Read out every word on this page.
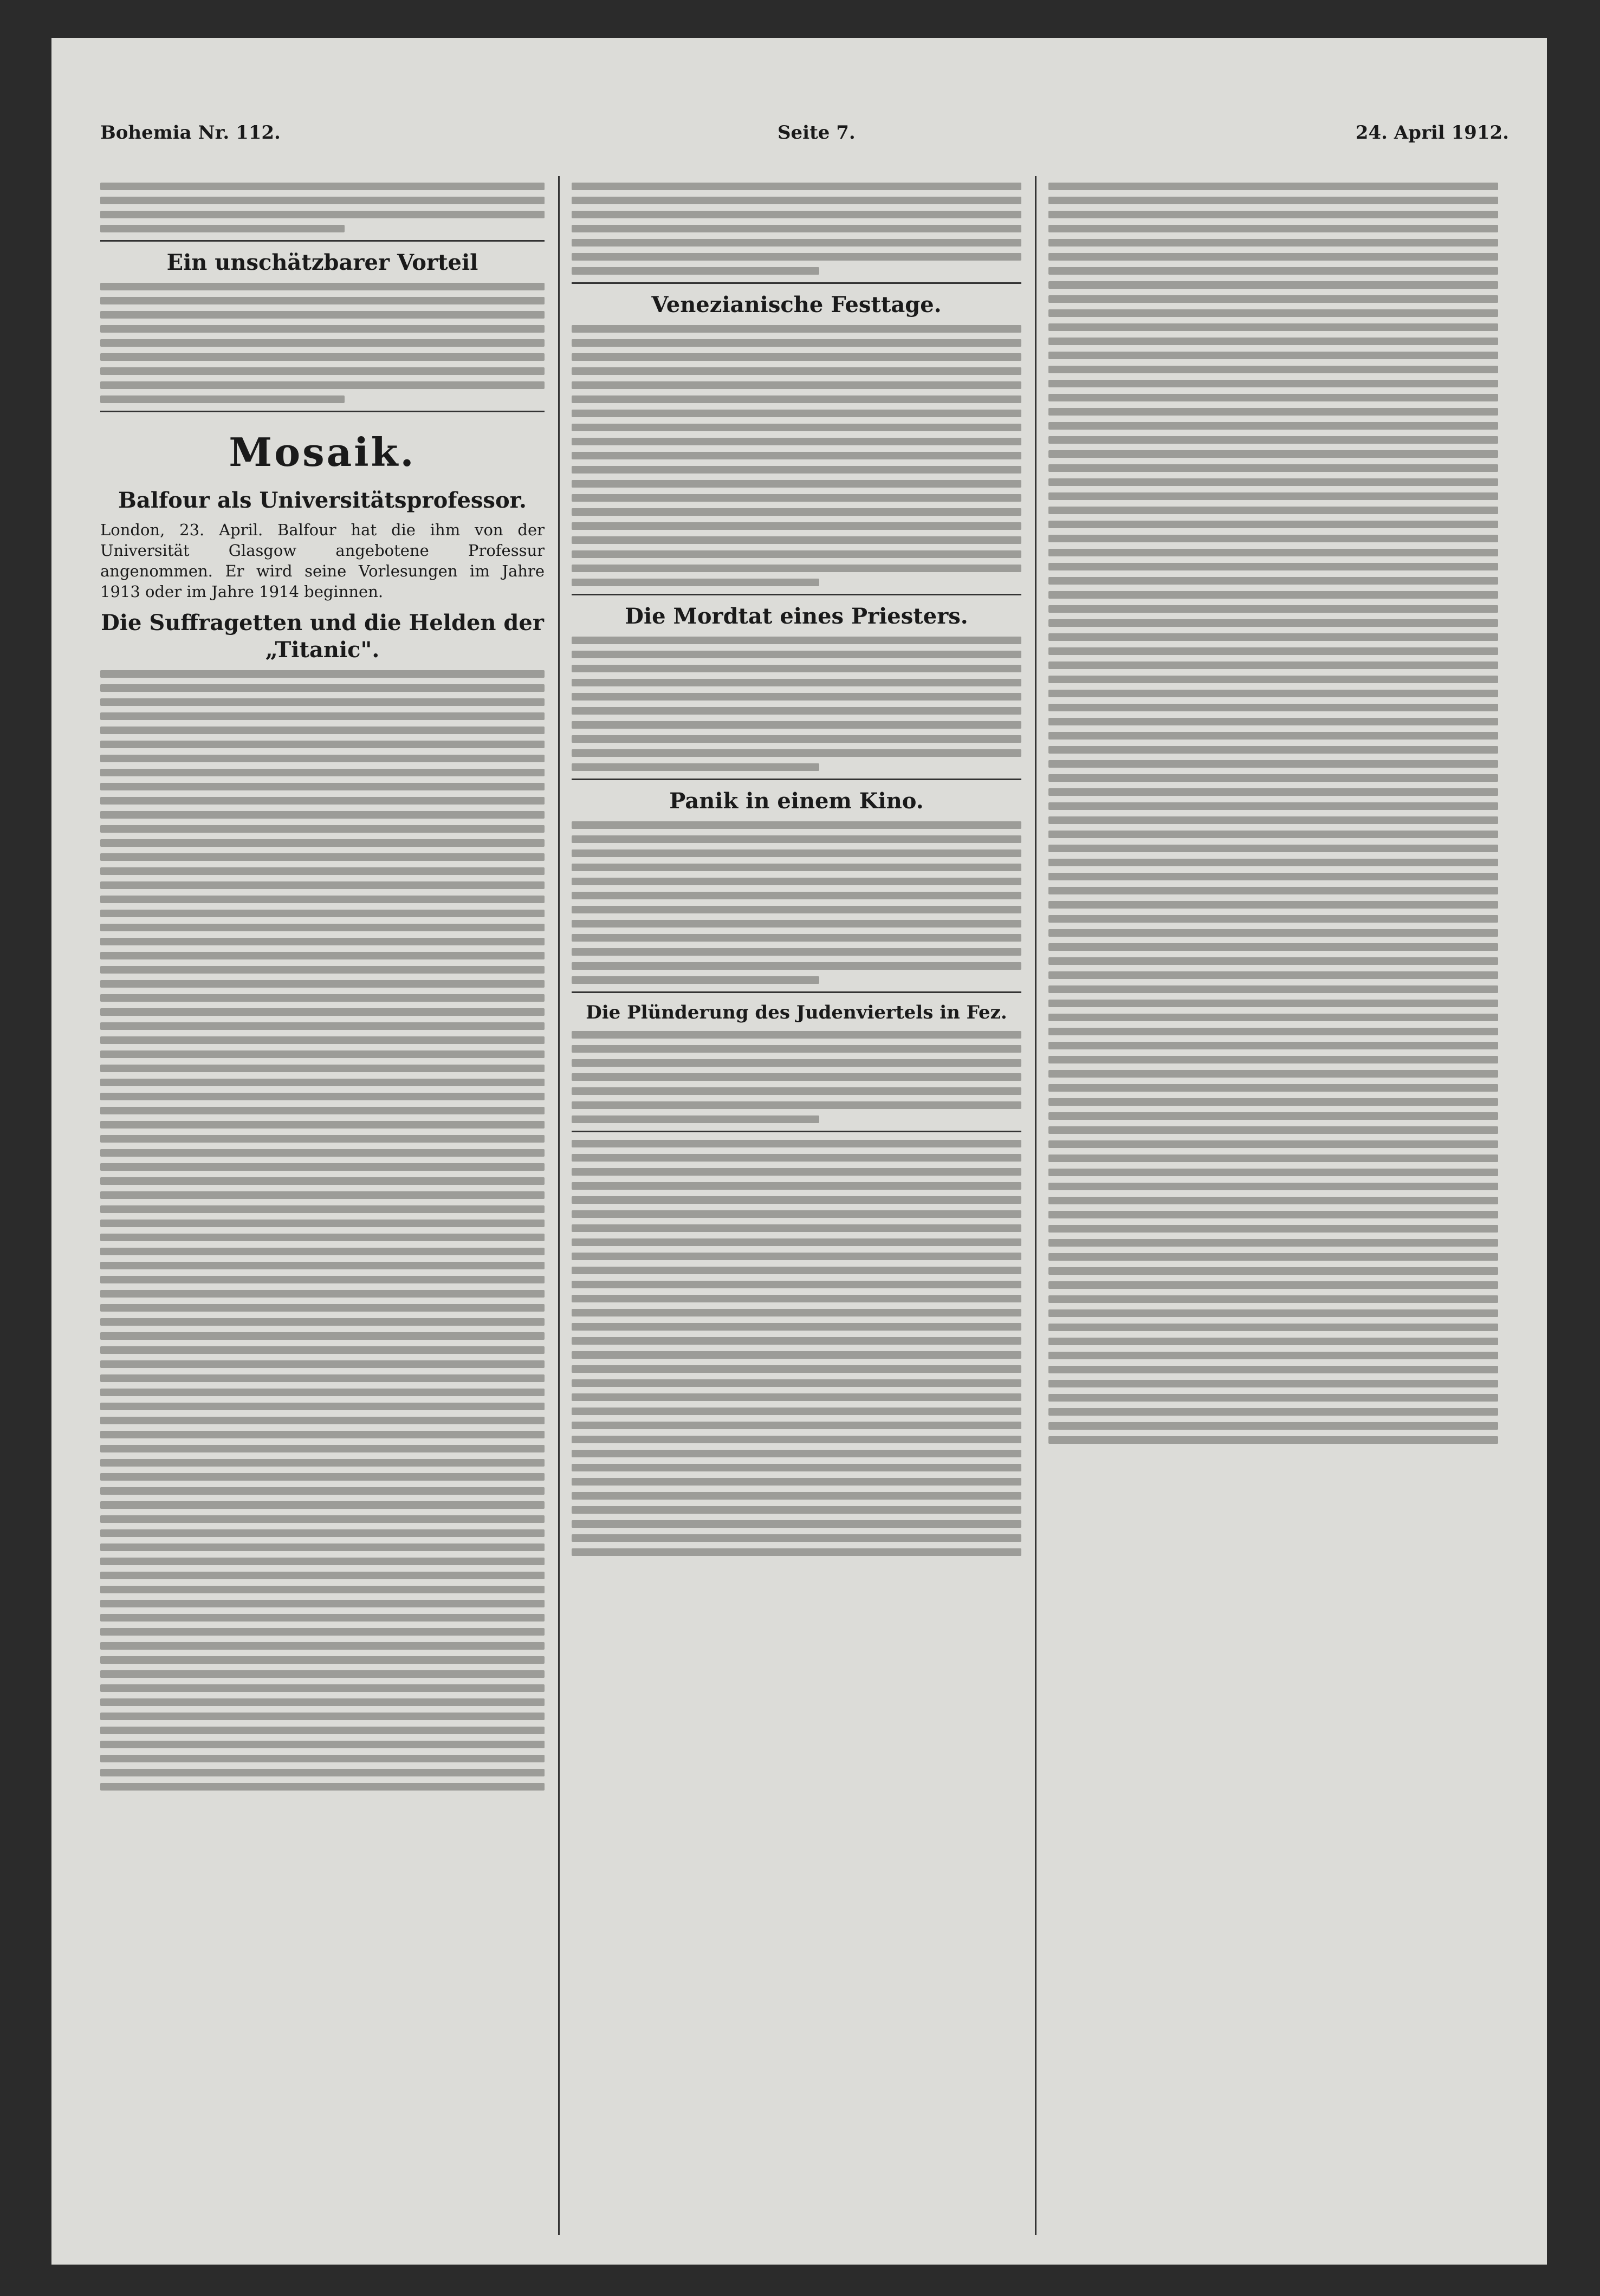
Bohemia Nr. 112.	Seite 7.	24. April 1912.
Ein unschätzbarer Vorteil
Mosaik.
Balfour als Universitätsprofessor.

London, 23. April. Balfour hat die ihm von der Universität Glasgow angebotene Professur angenommen. Er wird seine Vorlesungen im Jahre 1913 oder im Jahre 1914 beginnen.

Die Suffragetten und die Helden der „Titanic".
Venezianische Festtage.
Die Mordtat eines Priesters.
Panik in einem Kino.
Die Plünderung des Judenviertels in Fez.
